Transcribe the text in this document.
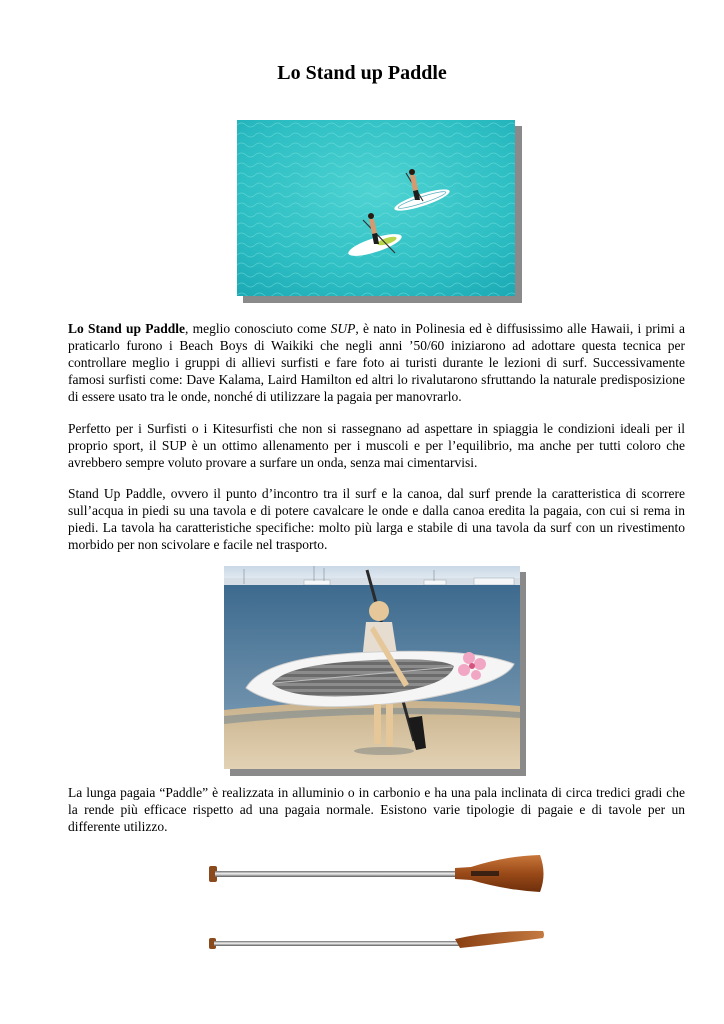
Lo Stand up Paddle

Lo Stand up Paddle, meglio conosciuto come SUP, è nato in Polinesia ed è diffusissimo alle Hawaii, i primi a praticarlo furono i Beach Boys di Waikiki che negli anni ’50/60 iniziarono ad adottare questa tecnica per controllare meglio i gruppi di allievi surfisti e fare foto ai turisti durante le lezioni di surf. Successivamente famosi surfisti come: Dave Kalama, Laird Hamilton ed altri lo rivalutarono sfruttando la naturale predisposizione di essere usato tra le onde, nonché di utilizzare la pagaia per manovrarlo.

Perfetto per i Surfisti o i Kitesurfisti che non si rassegnano ad aspettare in spiaggia le condizioni ideali per il proprio sport, il SUP è un ottimo allenamento per i muscoli e per l’equilibrio, ma anche per tutti coloro che avrebbero sempre voluto provare a surfare un onda, senza mai cimentarvisi.

Stand Up Paddle, ovvero il punto d’incontro tra il surf e la canoa, dal surf prende la caratteristica di scorrere sull’acqua in piedi su una tavola e di potere cavalcare le onde e dalla canoa eredita la pagaia, con cui si rema in piedi. La tavola ha caratteristiche specifiche: molto più larga e stabile di una tavola da surf con un rivestimento morbido per non scivolare e facile nel trasporto.

La lunga pagaia “Paddle” è realizzata in alluminio o in carbonio e ha una pala inclinata di circa tredici gradi che la rende più efficace rispetto ad una pagaia normale. Esistono varie tipologie di pagaie e di tavole per un differente utilizzo.
